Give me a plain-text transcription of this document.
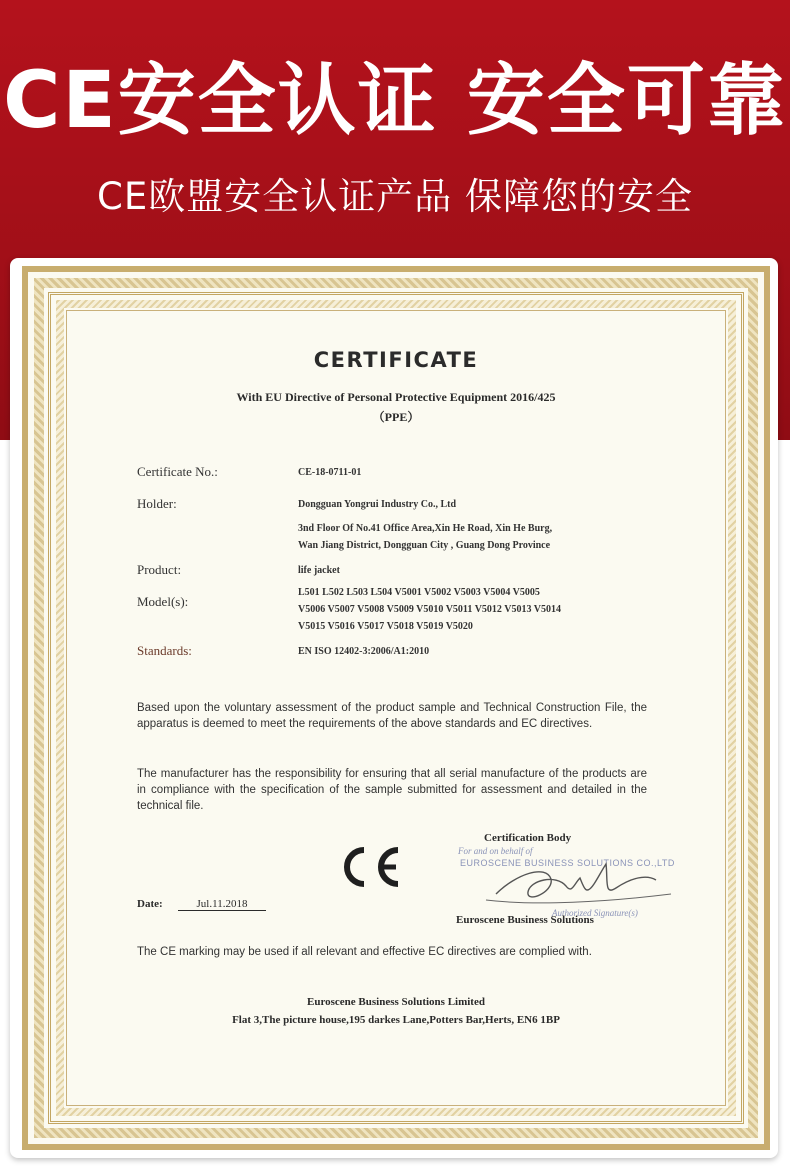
CE安全认证 安全可靠
CE欧盟安全认证产品 保障您的安全
CERTIFICATE
With EU Directive of Personal Protective Equipment 2016/425
（PPE）
Certificate No.:	CE-18-0711-01
Holder:	Dongguan Yongrui Industry Co., Ltd
3nd Floor Of No.41 Office Area,Xin He Road, Xin He Burg,
Wan Jiang District, Dongguan City , Guang Dong Province
Product:	life jacket
Model(s):
L501 L502 L503 L504 V5001 V5002 V5003 V5004 V5005
V5006 V5007 V5008 V5009 V5010 V5011 V5012 V5013 V5014
V5015 V5016 V5017 V5018 V5019 V5020
Standards:	EN ISO 12402-3:2006/A1:2010
Based upon the voluntary assessment of the product sample and Technical Construction File, the apparatus is deemed to meet the requirements of the above standards and EC directives.
The manufacturer has the responsibility for ensuring that all serial manufacture of the products are in compliance with the specification of the sample submitted for assessment and detailed in the technical file.
Certification Body
For and on behalf of
EUROSCENE BUSINESS SOLUTIONS CO.,LTD
Authorized Signature(s)
Euroscene Business Solutions
Date:	Jul.11.2018
The CE marking may be used if all relevant and effective EC directives are complied with.
Euroscene Business Solutions Limited
Flat 3,The picture house,195 darkes Lane,Potters Bar,Herts, EN6 1BP
